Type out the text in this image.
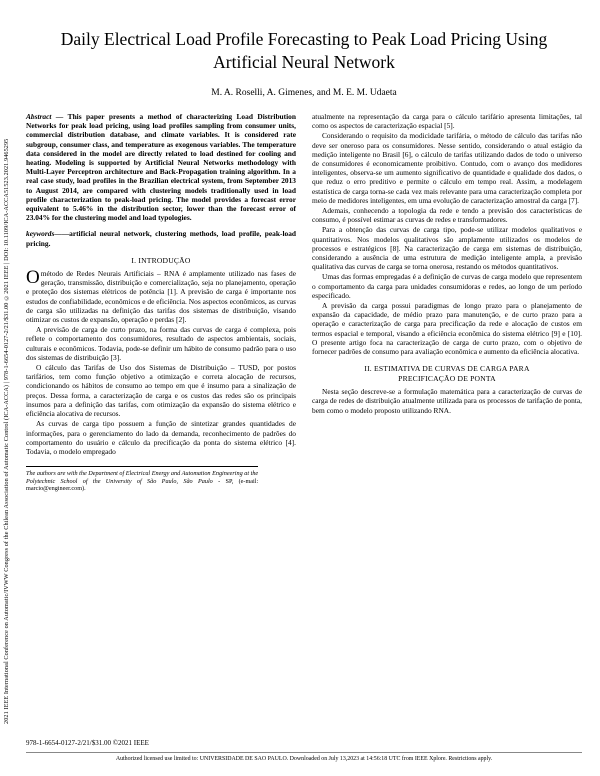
2021 IEEE International Conference on Automatic/IVWW Congress of the Chilean Association of Automatic Control (ICA-ACCA) | 978-1-6654-0127-2/21/$31.00 ©2021 IEEE | DOI: 10.1109/ICA-ACCA51523.2021.9465295
Daily Electrical Load Profile Forecasting to Peak Load Pricing Using Artificial Neural Network
M. A. Roselli, A. Gimenes, and M. E. M. Udaeta

Abstract — This paper presents a method of characterizing Load Distribution Networks for peak load pricing, using load profiles sampling from consumer units, commercial distribution database, and climate variables. It is considered rate subgroup, consumer class, and temperature as exogenous variables. The temperature data considered in the model are directly related to load destined for cooling and heating. Modeling is supported by Artificial Neural Networks methodology with Multi-Layer Perceptron architecture and Back-Propagation training algorithm. In a real case study, load profiles in the Brazilian electrical system, from September 2013 to August 2014, are compared with clustering models traditionally used in load profile characterization to peak-load pricing. The model provides a forecast error equivalent to 5.46% in the distribution sector, lower than the forecast error of 23.04% for the clustering model and load typologies.

keywords——artificial neural network, clustering methods, load profile, peak-load pricing.

I. INTRODUÇÃO

O método de Redes Neurais Artificiais – RNA é amplamente utilizado nas fases de geração, transmissão, distribuição e comercialização, seja no planejamento, operação e proteção dos sistemas elétricos de potência [1]. A previsão de carga é importante nos estudos de confiabilidade, econômicos e de eficiência. Nos aspectos econômicos, as curvas de carga são utilizadas na definição das tarifas dos sistemas de distribuição, visando otimizar os custos de expansão, operação e perdas [2].

A previsão de carga de curto prazo, na forma das curvas de carga é complexa, pois reflete o comportamento dos consumidores, resultado de aspectos ambientais, sociais, culturais e econômicos. Todavia, pode-se definir um hábito de consumo padrão para o uso dos sistemas de distribuição [3].

O cálculo das Tarifas de Uso dos Sistemas de Distribuição – TUSD, por postos tarifários, tem como função objetivo a otimização e correta alocação de recursos, condicionando os hábitos de consumo ao tempo em que é insumo para a sinalização de preços. Dessa forma, a caracterização de carga e os custos das redes são os principais insumos para a definição das tarifas, com otimização da expansão do sistema elétrico e eficiência alocativa de recursos.

As curvas de carga tipo possuem a função de sintetizar grandes quantidades de informações, para o gerenciamento do lado da demanda, reconhecimento de padrões do comportamento do usuário e cálculo da precificação da ponta do sistema elétrico [4]. Todavia, o modelo empregado

The authors are with the Department of Electrical Energy and Automation Engineering at the Polytechnic School of the University of São Paulo, São Paulo - SP, (e-mail: marcio@engineer.com).

atualmente na representação da carga para o cálculo tarifário apresenta limitações, tal como os aspectos de caracterização espacial [5].

Considerando o requisito da modicidade tarifária, o método de cálculo das tarifas não deve ser oneroso para os consumidores. Nesse sentido, considerando o atual estágio da medição inteligente no Brasil [6], o cálculo de tarifas utilizando dados de todo o universo de consumidores é economicamente proibitivo. Contudo, com o avanço dos medidores inteligentes, observa-se um aumento significativo de quantidade e qualidade dos dados, o que reduz o erro preditivo e permite o cálculo em tempo real. Assim, a modelagem estatística de carga torna-se cada vez mais relevante para uma caracterização completa por meio de medidores inteligentes, em uma evolução de caracterização amostral da carga [7].

Ademais, conhecendo a topologia da rede e tendo a previsão dos características de consumo, é possível estimar as curvas de redes e transformadores.

Para a obtenção das curvas de carga tipo, pode-se utilizar modelos qualitativos e quantitativos. Nos modelos qualitativos são amplamente utilizados os modelos de processos e estratégicos [8]. Na caracterização de carga em sistemas de distribuição, considerando a ausência de uma estrutura de medição inteligente ampla, a previsão qualitativa das curvas de carga se torna onerosa, restando os métodos quantitativos.

Umas das formas empregadas é a definição de curvas de carga modelo que representem o comportamento da carga para unidades consumidoras e redes, ao longo de um período especificado.

A previsão da carga possui paradigmas de longo prazo para o planejamento de expansão da capacidade, de médio prazo para manutenção, e de curto prazo para a operação e caracterização de carga para precificação da rede e alocação de custos em termos espacial e temporal, visando a eficiência econômica do sistema elétrico [9] e [10]. O presente artigo foca na caracterização de carga de curto prazo, com o objetivo de fornecer padrões de consumo para avaliação econômica e aumento da eficiência alocativa.

II. ESTIMATIVA DE CURVAS DE CARGA PARA
PRECIFICAÇÃO DE PONTA

Nesta seção descreve-se a formulação matemática para a caracterização de curvas de carga de redes de distribuição atualmente utilizada para os processos de tarifação de ponta, bem como o modelo proposto utilizando RNA.

978-1-6654-0127-2/21/$31.00 ©2021 IEEE
Authorized licensed use limited to: UNIVERSIDADE DE SAO PAULO. Downloaded on July 13,2023 at 14:56:18 UTC from IEEE Xplore. Restrictions apply.
